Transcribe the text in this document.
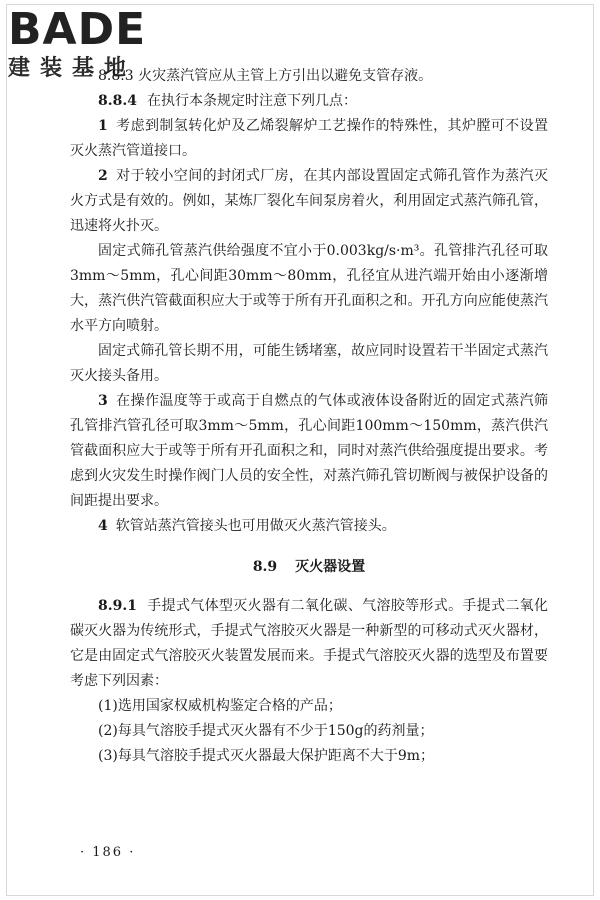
BADE
建装基地

8.8.3 火灾蒸汽管应从主管上方引出以避免支管存液。

8.8.4 在执行本条规定时注意下列几点：

1 考虑到制氢转化炉及乙烯裂解炉工艺操作的特殊性，其炉膛可不设置灭火蒸汽管道接口。

2 对于较小空间的封闭式厂房，在其内部设置固定式筛孔管作为蒸汽灭火方式是有效的。例如，某炼厂裂化车间泵房着火，利用固定式蒸汽筛孔管，迅速将火扑灭。

固定式筛孔管蒸汽供给强度不宜小于0.003kg/s·m³。孔管排汽孔径可取3mm～5mm，孔心间距30mm～80mm，孔径宜从进汽端开始由小逐渐增大，蒸汽供汽管截面积应大于或等于所有开孔面积之和。开孔方向应能使蒸汽水平方向喷射。

固定式筛孔管长期不用，可能生锈堵塞，故应同时设置若干半固定式蒸汽灭火接头备用。

3 在操作温度等于或高于自燃点的气体或液体设备附近的固定式蒸汽筛孔管排汽管孔径可取3mm～5mm，孔心间距100mm～150mm，蒸汽供汽管截面积应大于或等于所有开孔面积之和，同时对蒸汽供给强度提出要求。考虑到火灾发生时操作阀门人员的安全性，对蒸汽筛孔管切断阀与被保护设备的间距提出要求。

4 软管站蒸汽管接头也可用做灭火蒸汽管接头。

8.9 灭火器设置

8.9.1 手提式气体型灭火器有二氧化碳、气溶胶等形式。手提式二氧化碳灭火器为传统形式，手提式气溶胶灭火器是一种新型的可移动式灭火器材，它是由固定式气溶胶灭火装置发展而来。手提式气溶胶灭火器的选型及布置要考虑下列因素：

(1)选用国家权威机构鉴定合格的产品；

(2)每具气溶胶手提式灭火器有不少于150g的药剂量；

(3)每具气溶胶手提式灭火器最大保护距离不大于9m；

· 186 ·
